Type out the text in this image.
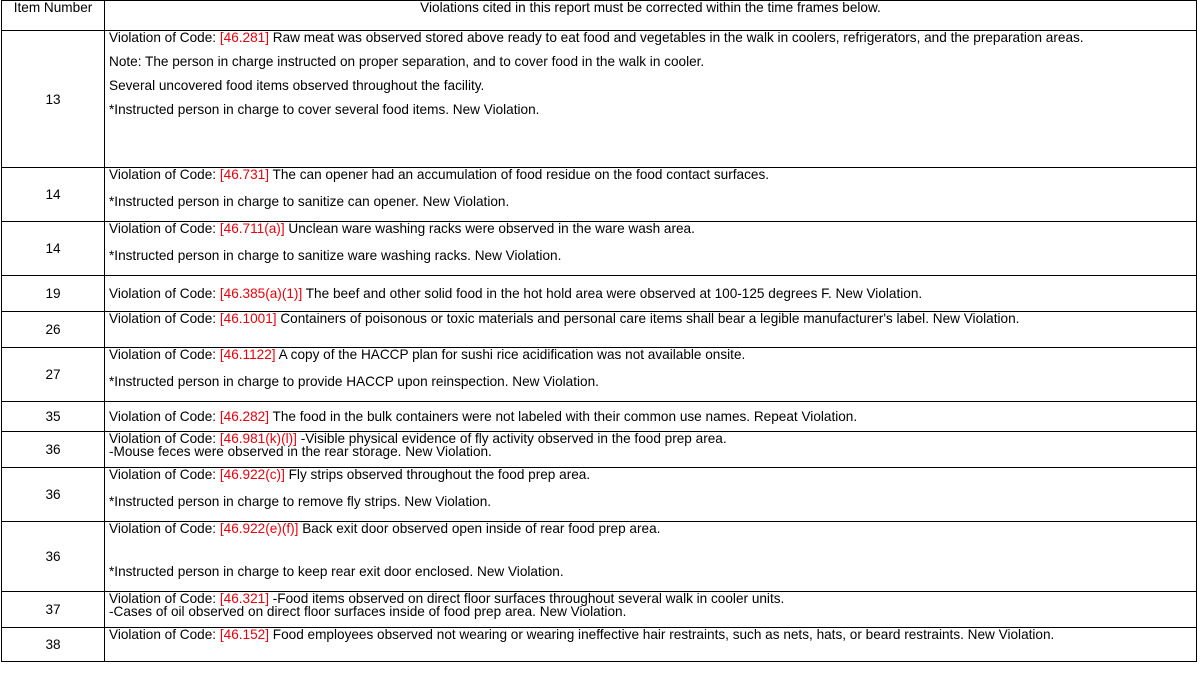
Item Number	Violations cited in this report must be corrected within the time frames below.
13	Violation of Code: [46.281] Raw meat was observed stored above ready to eat food and vegetables in the walk in coolers, refrigerators, and the preparation areas.
Note: The person in charge instructed on proper separation, and to cover food in the walk in cooler.
Several uncovered food items observed throughout the facility.
*Instructed person in charge to cover several food items. New Violation.

14	Violation of Code: [46.731] The can opener had an accumulation of food residue on the food contact surfaces.
*Instructed person in charge to sanitize can opener. New Violation.

14	Violation of Code: [46.711(a)] Unclean ware washing racks were observed in the ware wash area.
*Instructed person in charge to sanitize ware washing racks. New Violation.

19	Violation of Code: [46.385(a)(1)] The beef and other solid food in the hot hold area were observed at 100-125 degrees F. New Violation.

26	Violation of Code: [46.1001] Containers of poisonous or toxic materials and personal care items shall bear a legible manufacturer's label. New Violation.

27	Violation of Code: [46.1122] A copy of the HACCP plan for sushi rice acidification was not available onsite.
*Instructed person in charge to provide HACCP upon reinspection. New Violation.

35	Violation of Code: [46.282] The food in the bulk containers were not labeled with their common use names. Repeat Violation.

36	Violation of Code: [46.981(k)(l)] -Visible physical evidence of fly activity observed in the food prep area.
-Mouse feces were observed in the rear storage. New Violation.

36	Violation of Code: [46.922(c)] Fly strips observed throughout the food prep area.
*Instructed person in charge to remove fly strips. New Violation.

36	Violation of Code: [46.922(e)(f)] Back exit door observed open inside of rear food prep area.
*Instructed person in charge to keep rear exit door enclosed. New Violation.

37	Violation of Code: [46.321] -Food items observed on direct floor surfaces throughout several walk in cooler units.
-Cases of oil observed on direct floor surfaces inside of food prep area. New Violation.

38	Violation of Code: [46.152] Food employees observed not wearing or wearing ineffective hair restraints, such as nets, hats, or beard restraints. New Violation.
